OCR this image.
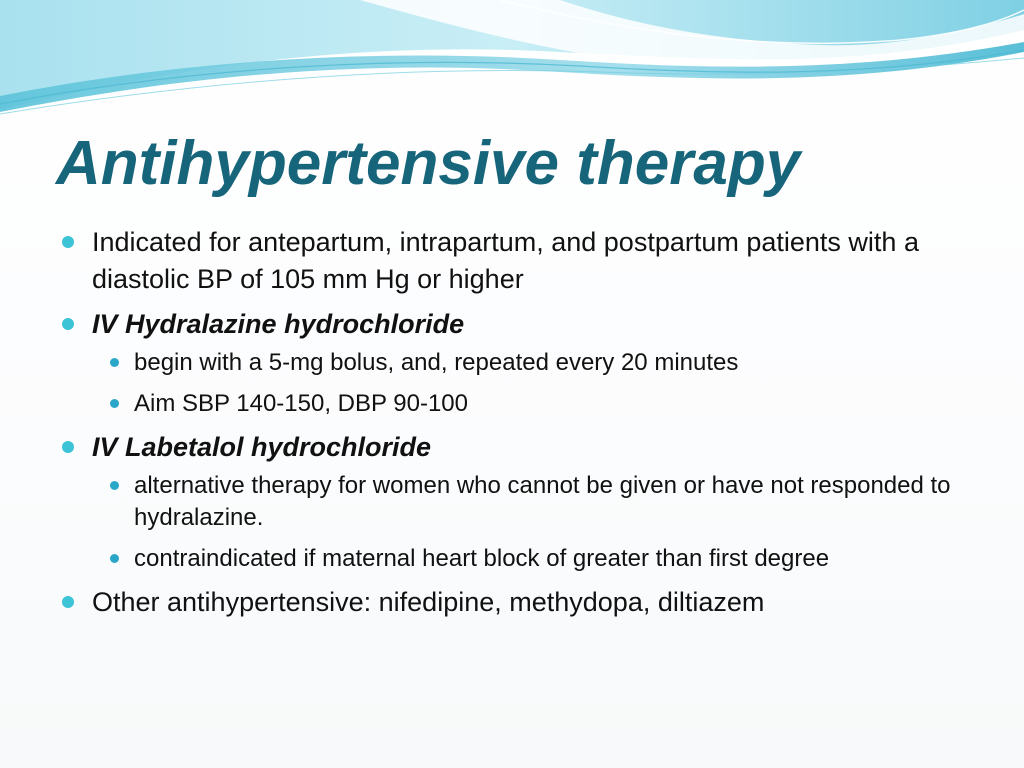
Antihypertensive therapy
Indicated for antepartum, intrapartum, and postpartum patients with a diastolic BP of 105 mm Hg or higher
IV Hydralazine hydrochloride
begin with a 5-mg bolus, and, repeated every 20 minutes
Aim SBP 140-150, DBP 90-100
IV Labetalol hydrochloride
alternative therapy for women who cannot be given or have not responded to hydralazine.
contraindicated if maternal heart block of greater than first degree
Other antihypertensive: nifedipine, methydopa, diltiazem
